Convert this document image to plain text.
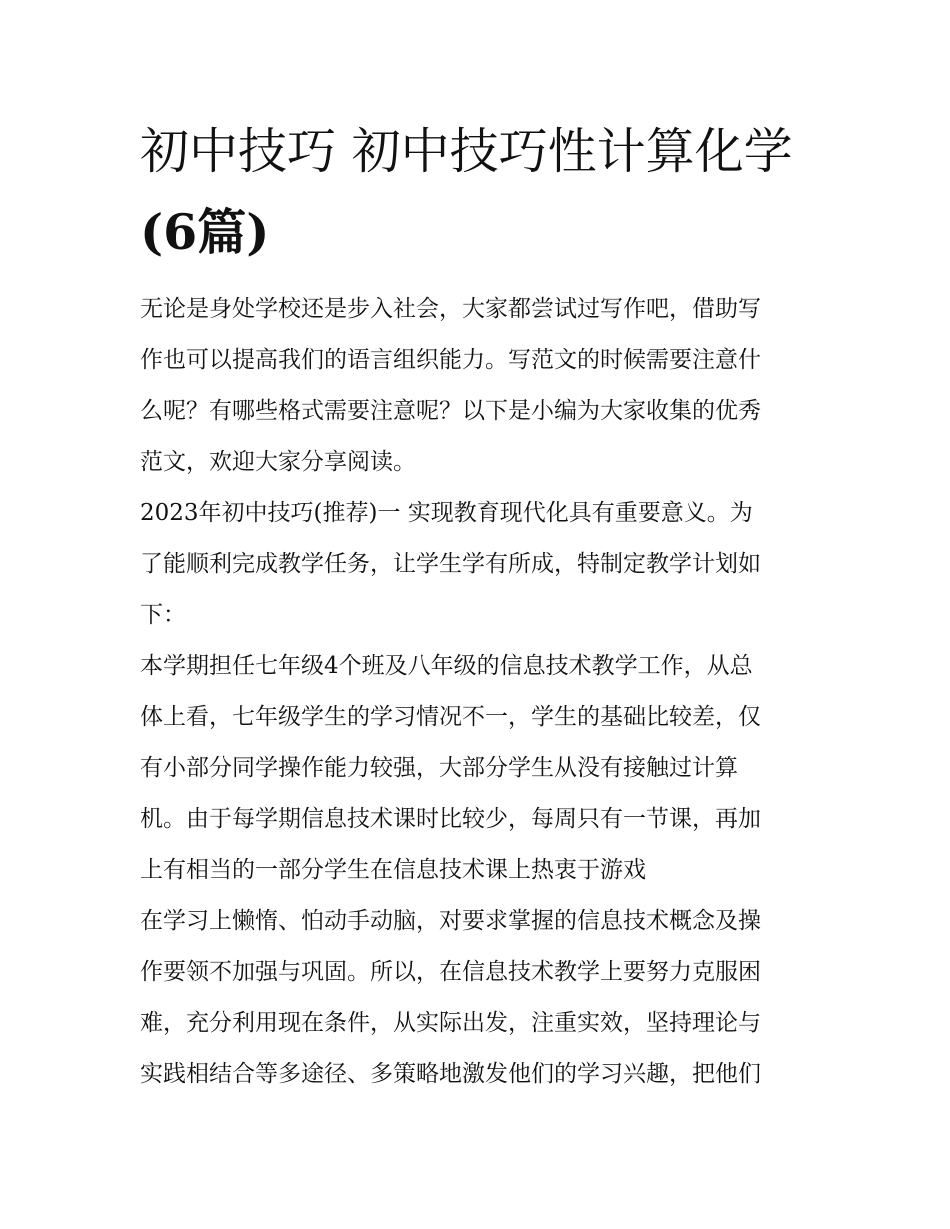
初中技巧 初中技巧性计算化学
(6篇)

无论是身处学校还是步入社会，大家都尝试过写作吧，借助写
作也可以提高我们的语言组织能力。写范文的时候需要注意什
么呢？有哪些格式需要注意呢？以下是小编为大家收集的优秀
范文，欢迎大家分享阅读。

2023年初中技巧(推荐)一 实现教育现代化具有重要意义。为
了能顺利完成教学任务，让学生学有所成，特制定教学计划如
下：

本学期担任七年级4个班及八年级的信息技术教学工作，从总
体上看，七年级学生的学习情况不一，学生的基础比较差，仅
有小部分同学操作能力较强，大部分学生从没有接触过计算
机。由于每学期信息技术课时比较少，每周只有一节课，再加
上有相当的一部分学生在信息技术课上热衷于游戏

在学习上懒惰、怕动手动脑，对要求掌握的信息技术概念及操
作要领不加强与巩固。所以，在信息技术教学上要努力克服困
难，充分利用现在条件，从实际出发，注重实效，坚持理论与
实践相结合等多途径、多策略地激发他们的学习兴趣，把他们
